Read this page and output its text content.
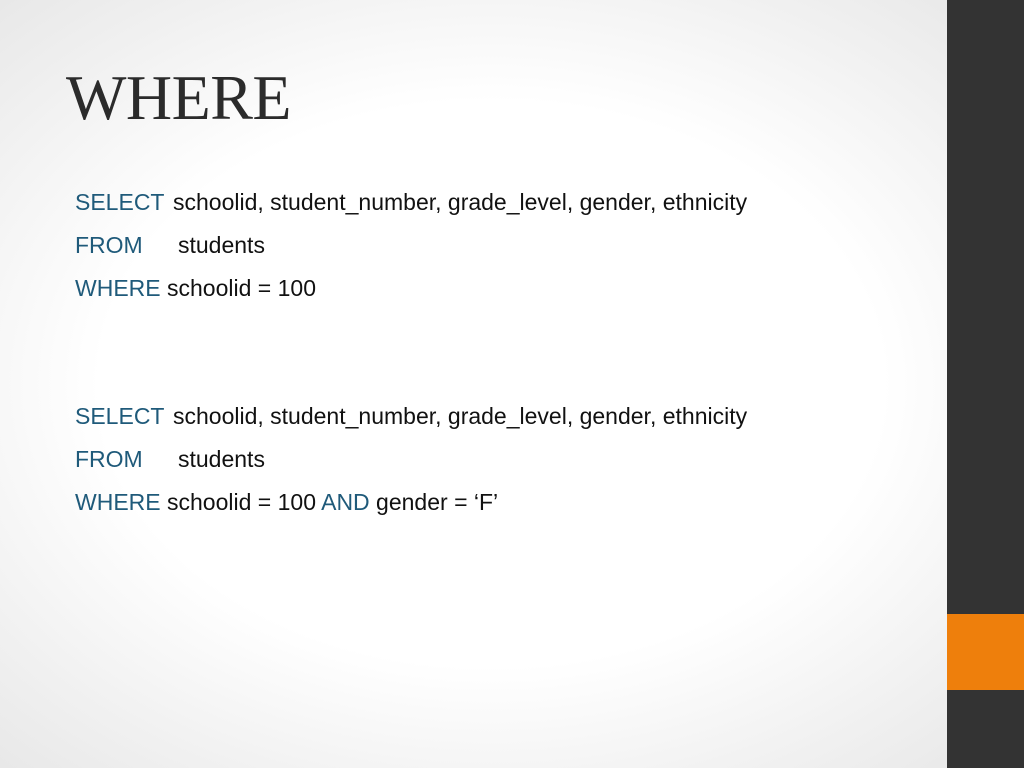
WHERE
SELECT schoolid, student_number, grade_level, gender, ethnicity
FROM students
WHERE schoolid = 100
SELECT schoolid, student_number, grade_level, gender, ethnicity
FROM students
WHERE schoolid = 100 AND gender = ‘F’
